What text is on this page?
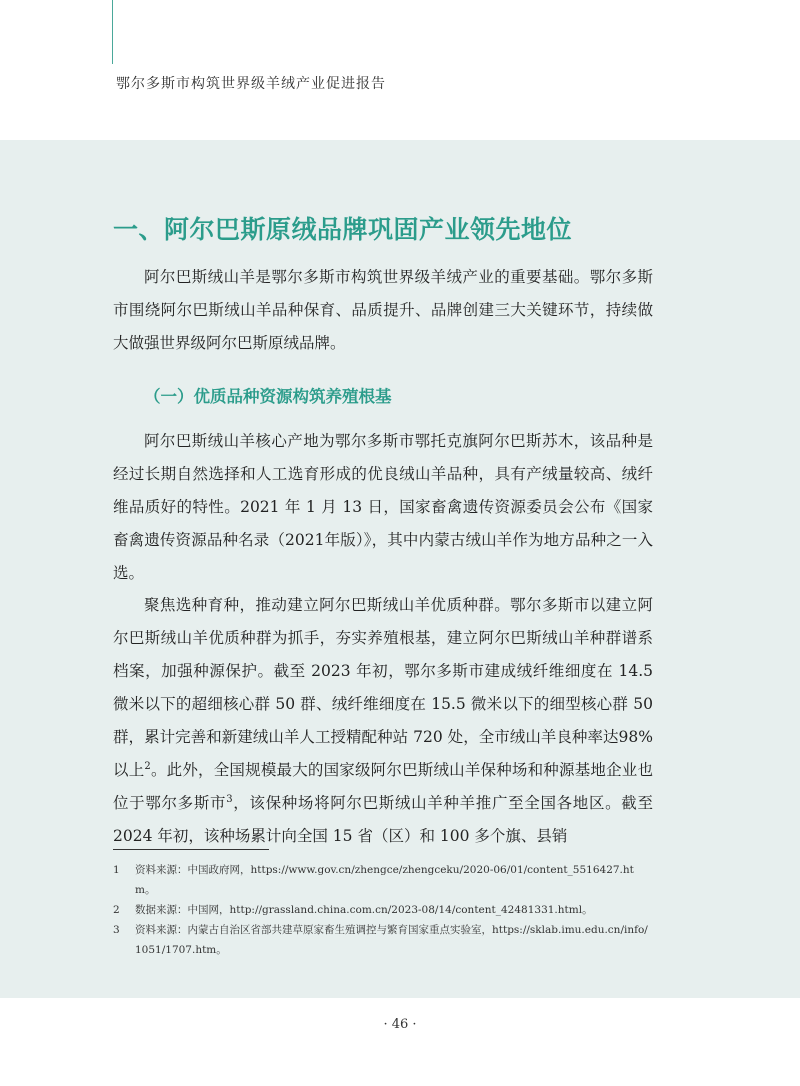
鄂尔多斯市构筑世界级羊绒产业促进报告
一、阿尔巴斯原绒品牌巩固产业领先地位

阿尔巴斯绒山羊是鄂尔多斯市构筑世界级羊绒产业的重要基础。鄂尔多斯市围绕阿尔巴斯绒山羊品种保育、品质提升、品牌创建三大关键环节，持续做大做强世界级阿尔巴斯原绒品牌。

（一）优质品种资源构筑养殖根基

阿尔巴斯绒山羊核心产地为鄂尔多斯市鄂托克旗阿尔巴斯苏木，该品种是经过长期自然选择和人工选育形成的优良绒山羊品种，具有产绒量较高、绒纤维品质好的特性。2021 年 1 月 13 日，国家畜禽遗传资源委员会公布《国家畜禽遗传资源品种名录（2021年版）》，其中内蒙古绒山羊作为地方品种之一入选。

聚焦选种育种，推动建立阿尔巴斯绒山羊优质种群。鄂尔多斯市以建立阿尔巴斯绒山羊优质种群为抓手，夯实养殖根基，建立阿尔巴斯绒山羊种群谱系档案，加强种源保护。截至 2023 年初，鄂尔多斯市建成绒纤维细度在 14.5 微米以下的超细核心群 50 群、绒纤维细度在 15.5 微米以下的细型核心群 50 群，累计完善和新建绒山羊人工授精配种站 720 处，全市绒山羊良种率达98% 以上$^2$。此外，全国规模最大的国家级阿尔巴斯绒山羊保种场和种源基地企业也位于鄂尔多斯市$^3$，该保种场将阿尔巴斯绒山羊种羊推广至全国各地区。截至 2024 年初，该种场累计向全国 15 省（区）和 100 多个旗、县销

1	资料来源：中国政府网，https://www.gov.cn/zhengce/zhengceku/2020-06/01/content_5516427.htm。
2	数据来源：中国网，http://grassland.china.com.cn/2023-08/14/content_42481331.html。
3	资料来源：内蒙古自治区省部共建草原家畜生殖调控与繁育国家重点实验室，https://sklab.imu.edu.cn/info/1051/1707.htm。
· 46 ·
